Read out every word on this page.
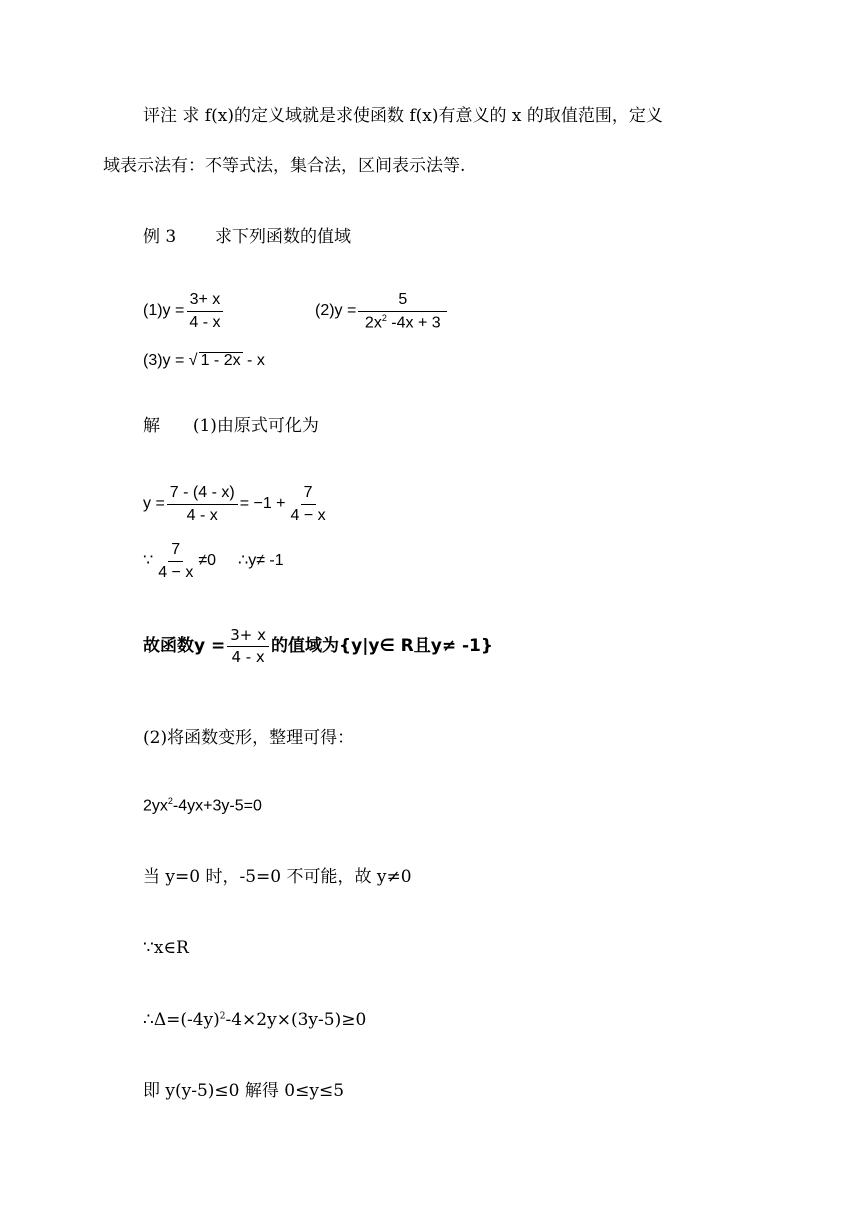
评注 求 f(x)的定义域就是求使函数 f(x)有意义的 x 的取值范围，定义
域表示法有：不等式法，集合法，区间表示法等.
例 3 求下列函数的值域
$(1)y = \frac{3+ x}{4 - x}$	$(2)y = \frac{5}{2x^2 -4x + 3}$
(3)y = √ 1 - 2x - x
解 (1)由原式可化为
$y = \frac{7 - (4 - x)}{4 - x} = -1 + \frac{7}{4 - x}$
∵ $\frac{7}{4 - x} \ne 0$ ∴y≠ -1
故函数$y = \frac{3+ x}{4 - x}$ 的值域为{y|y∈ R且y≠ -1}
(2)将函数变形，整理可得：
$2yx^2-4yx+3y-5=0$
当 y=0 时，-5=0 不可能，故 y≠0
∵x∈R
$\therefore\Delta=(-4y)^2-4\times 2y\times(3y-5)\ge 0$
即 y(y-5)≤0 解得 0≤y≤5
